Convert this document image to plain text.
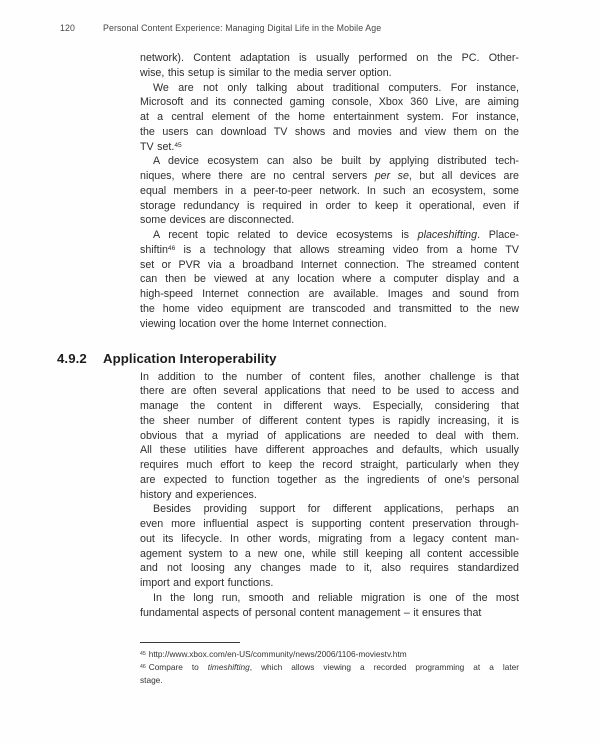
120	Personal Content Experience: Managing Digital Life in the Mobile Age
network). Content adaptation is usually performed on the PC. Other-
wise, this setup is similar to the media server option.
We are not only talking about traditional computers. For instance,
Microsoft and its connected gaming console, Xbox 360 Live, are aiming
at a central element of the home entertainment system. For instance,
the users can download TV shows and movies and view them on the
TV set.$^{45}$
A device ecosystem can also be built by applying distributed tech-
niques, where there are no central servers per se, but all devices are
equal members in a peer-to-peer network. In such an ecosystem, some
storage redundancy is required in order to keep it operational, even if
some devices are disconnected.
A recent topic related to device ecosystems is placeshifting. Place-
shiftin$^{46}$ is a technology that allows streaming video from a home TV
set or PVR via a broadband Internet connection. The streamed content
can then be viewed at any location where a computer display and a
high-speed Internet connection are available. Images and sound from
the home video equipment are transcoded and transmitted to the new
viewing location over the home Internet connection.
4.9.2 Application Interoperability
In addition to the number of content files, another challenge is that
there are often several applications that need to be used to access and
manage the content in different ways. Especially, considering that
the sheer number of different content types is rapidly increasing, it is
obvious that a myriad of applications are needed to deal with them.
All these utilities have different approaches and defaults, which usually
requires much effort to keep the record straight, particularly when they
are expected to function together as the ingredients of one’s personal
history and experiences.
Besides providing support for different applications, perhaps an
even more influential aspect is supporting content preservation through-
out its lifecycle. In other words, migrating from a legacy content man-
agement system to a new one, while still keeping all content accessible
and not loosing any changes made to it, also requires standardized
import and export functions.
In the long run, smooth and reliable migration is one of the most
fundamental aspects of personal content management – it ensures that
$^{45}$ http://www.xbox.com/en-US/community/news/2006/1106-moviestv.htm
$^{46}$ Compare to timeshifting, which allows viewing a recorded programming at a later
stage.
